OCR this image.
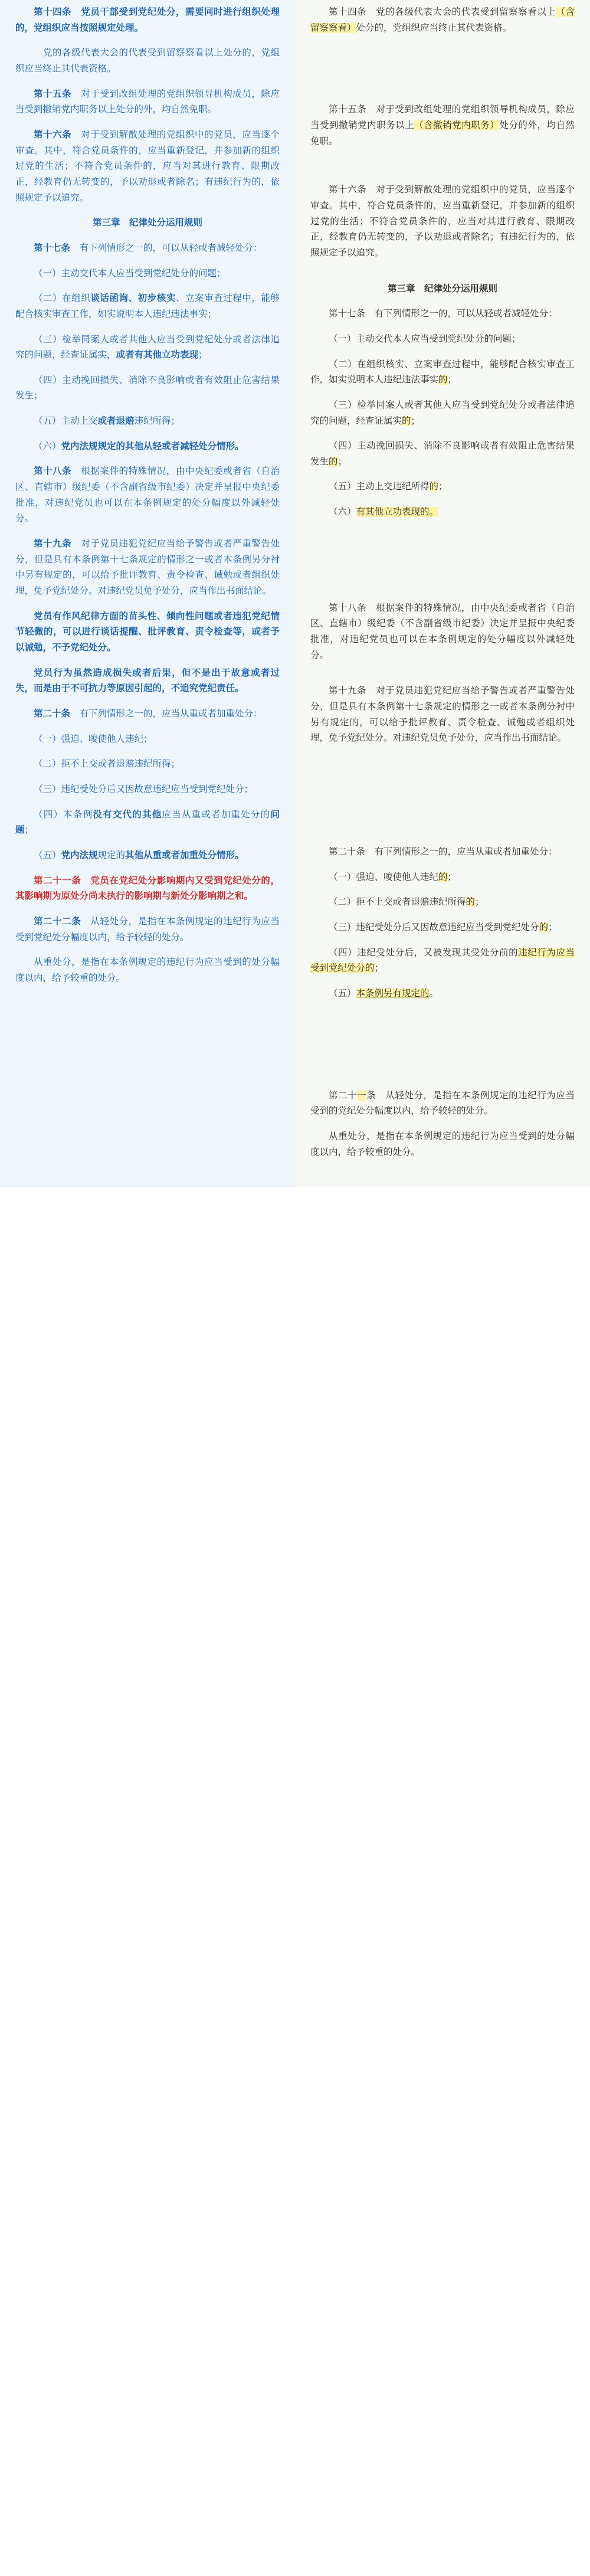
第十四条　党员干部受到党纪处分，需要同时进行组织处理的，党组织应当按照规定处理。

　党的各级代表大会的代表受到留察察看以上处分的，党组织应当终止其代表资格。

第十五条　对于受到改组处理的党组织领导机构成员，除应当受到撤销党内职务以上处分的外，均自然免职。

第十六条　对于受到解散处理的党组织中的党员，应当逐个审查。其中，符合党员条件的，应当重新登记，并参加新的组织过党的生活；不符合党员条件的，应当对其进行教育、限期改正，经教育仍无转变的，予以劝退或者除名；有违纪行为的，依照规定予以追究。

第三章　纪律处分运用规则

第十七条　有下列情形之一的，可以从轻或者减轻处分：

（一）主动交代本人应当受到党纪处分的问题；

（二）在组织谈话函询、初步核实、立案审查过程中，能够配合核实审查工作，如实说明本人违纪违法事实；

（三）检举同案人或者其他人应当受到党纪处分或者法律追究的问题，经查证属实，或者有其他立功表现；

（四）主动挽回损失、消除不良影响或者有效阻止危害结果发生；

（五）主动上交或者退赔违纪所得；

（六）党内法规规定的其他从轻或者减轻处分情形。

第十八条　根据案件的特殊情况，由中央纪委或者省（自治区、直辖市）级纪委（不含副省级市纪委）决定并呈报中央纪委批准，对违纪党员也可以在本条例规定的处分幅度以外减轻处分。

第十九条　对于党员违犯党纪应当给予警告或者严重警告处分，但是具有本条例第十七条规定的情形之一或者本条例另分衬中另有规定的，可以给予批评教育、责令检查、诫勉或者组织处理，免予党纪处分。对违纪党员免予处分，应当作出书面结论。

党员有作风纪律方面的苗头性、倾向性问题或者违犯党纪情节轻微的，可以进行谈话提醒、批评教育、责令检查等，或者予以诫勉，不予党纪处分。

党员行为虽然造成损失或者后果，但不是出于故意或者过失，而是由于不可抗力等原因引起的，不追究党纪责任。

第二十条　有下列情形之一的，应当从重或者加重处分：

（一）强迫、唆使他人违纪；

（二）拒不上交或者退赔违纪所得；

（三）违纪受处分后又因故意违纪应当受到党纪处分；

（四）本条例没有交代的其他应当从重或者加重处分的问题；

（五）党内法规规定的其他从重或者加重处分情形。

第二十一条　党员在党纪处分影响期内又受到党纪处分的，其影响期为原处分尚未执行的影响期与新处分影响期之和。

第二十二条　从轻处分，是指在本条例规定的违纪行为应当受到党纪处分幅度以内，给予较轻的处分。

从重处分，是指在本条例规定的违纪行为应当受到的处分幅度以内，给予较重的处分。

第十四条　党的各级代表大会的代表受到留察察看以上（含留察察看）处分的，党组织应当终止其代表资格。

第十五条　对于受到改组处理的党组织领导机构成员，除应当受到撤销党内职务以上（含撤销党内职务）处分的外，均自然免职。

第十六条　对于受到解散处理的党组织中的党员，应当逐个审查。其中，符合党员条件的，应当重新登记，并参加新的组织过党的生活；不符合党员条件的，应当对其进行教育、限期改正，经教育仍无转变的，予以劝退或者除名；有违纪行为的，依照规定予以追究。

第三章　纪律处分运用规则

第十七条　有下列情形之一的，可以从轻或者减轻处分：

（一）主动交代本人应当受到党纪处分的问题；

（二）在组织核实、立案审查过程中，能够配合核实审查工作，如实说明本人违纪违法事实的；

（三）检举同案人或者其他人应当受到党纪处分或者法律追究的问题，经查证属实的；

（四）主动挽回损失、消除不良影响或者有效阻止危害结果发生的；

（五）主动上交违纪所得的；

（六）有其他立功表现的。

第十八条　根据案件的特殊情况，由中央纪委或者省（自治区、直辖市）级纪委（不含副省级市纪委）决定并呈报中央纪委批准，对违纪党员也可以在本条例规定的处分幅度以外减轻处分。

第十九条　对于党员违犯党纪应当给予警告或者严重警告处分，但是具有本条例第十七条规定的情形之一或者本条例分衬中另有规定的，可以给予批评教育、责令检查、诫勉或者组织处理，免予党纪处分。对违纪党员免予处分，应当作出书面结论。

第二十条　有下列情形之一的，应当从重或者加重处分：

（一）强迫、唆使他人违纪的；

（二）拒不上交或者退赔违纪所得的；

（三）违纪受处分后又因故意违纪应当受到党纪处分的；

（四）违纪受处分后，又被发现其受处分前的违纪行为应当受到党纪处分的；

（五）本条例另有规定的。

第二十一条　从轻处分，是指在本条例规定的违纪行为应当受到的党纪处分幅度以内，给予较轻的处分。

从重处分，是指在本条例规定的违纪行为应当受到的处分幅度以内，给予较重的处分。
